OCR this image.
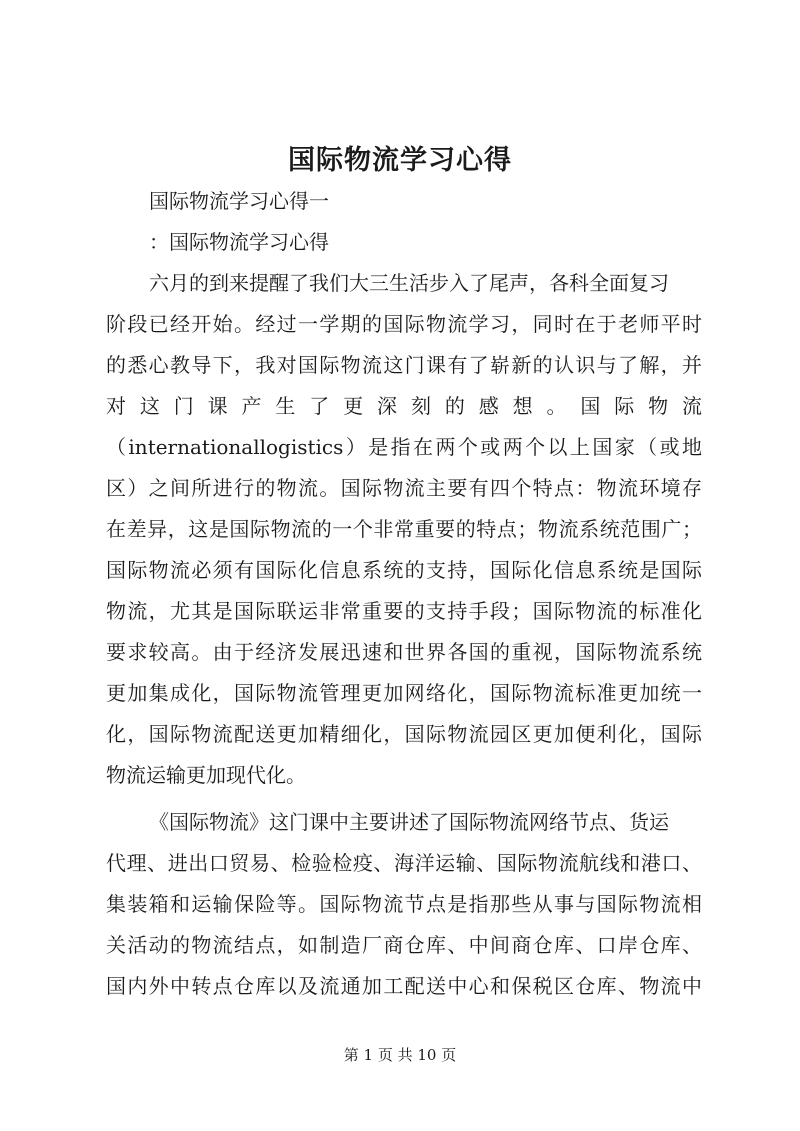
国际物流学习心得
国际物流学习心得一
：国际物流学习心得
六月的到来提醒了我们大三生活步入了尾声，各科全面复习
阶段已经开始。经过一学期的国际物流学习，同时在于老师平时
的悉心教导下，我对国际物流这门课有了崭新的认识与了解，并
对 这 门 课 产 生 了 更 深 刻 的 感 想 。 国 际 物 流
（internationallogistics）是指在两个或两个以上国家（或地
区）之间所进行的物流。国际物流主要有四个特点：物流环境存
在差异，这是国际物流的一个非常重要的特点；物流系统范围广；
国际物流必须有国际化信息系统的支持，国际化信息系统是国际
物流，尤其是国际联运非常重要的支持手段；国际物流的标准化
要求较高。由于经济发展迅速和世界各国的重视，国际物流系统
更加集成化，国际物流管理更加网络化，国际物流标准更加统一
化，国际物流配送更加精细化，国际物流园区更加便利化，国际
物流运输更加现代化。
《国际物流》这门课中主要讲述了国际物流网络节点、货运
代理、进出口贸易、检验检疫、海洋运输、国际物流航线和港口、
集装箱和运输保险等。国际物流节点是指那些从事与国际物流相
关活动的物流结点，如制造厂商仓库、中间商仓库、口岸仓库、
国内外中转点仓库以及流通加工配送中心和保税区仓库、物流中
第 1 页 共 10 页
